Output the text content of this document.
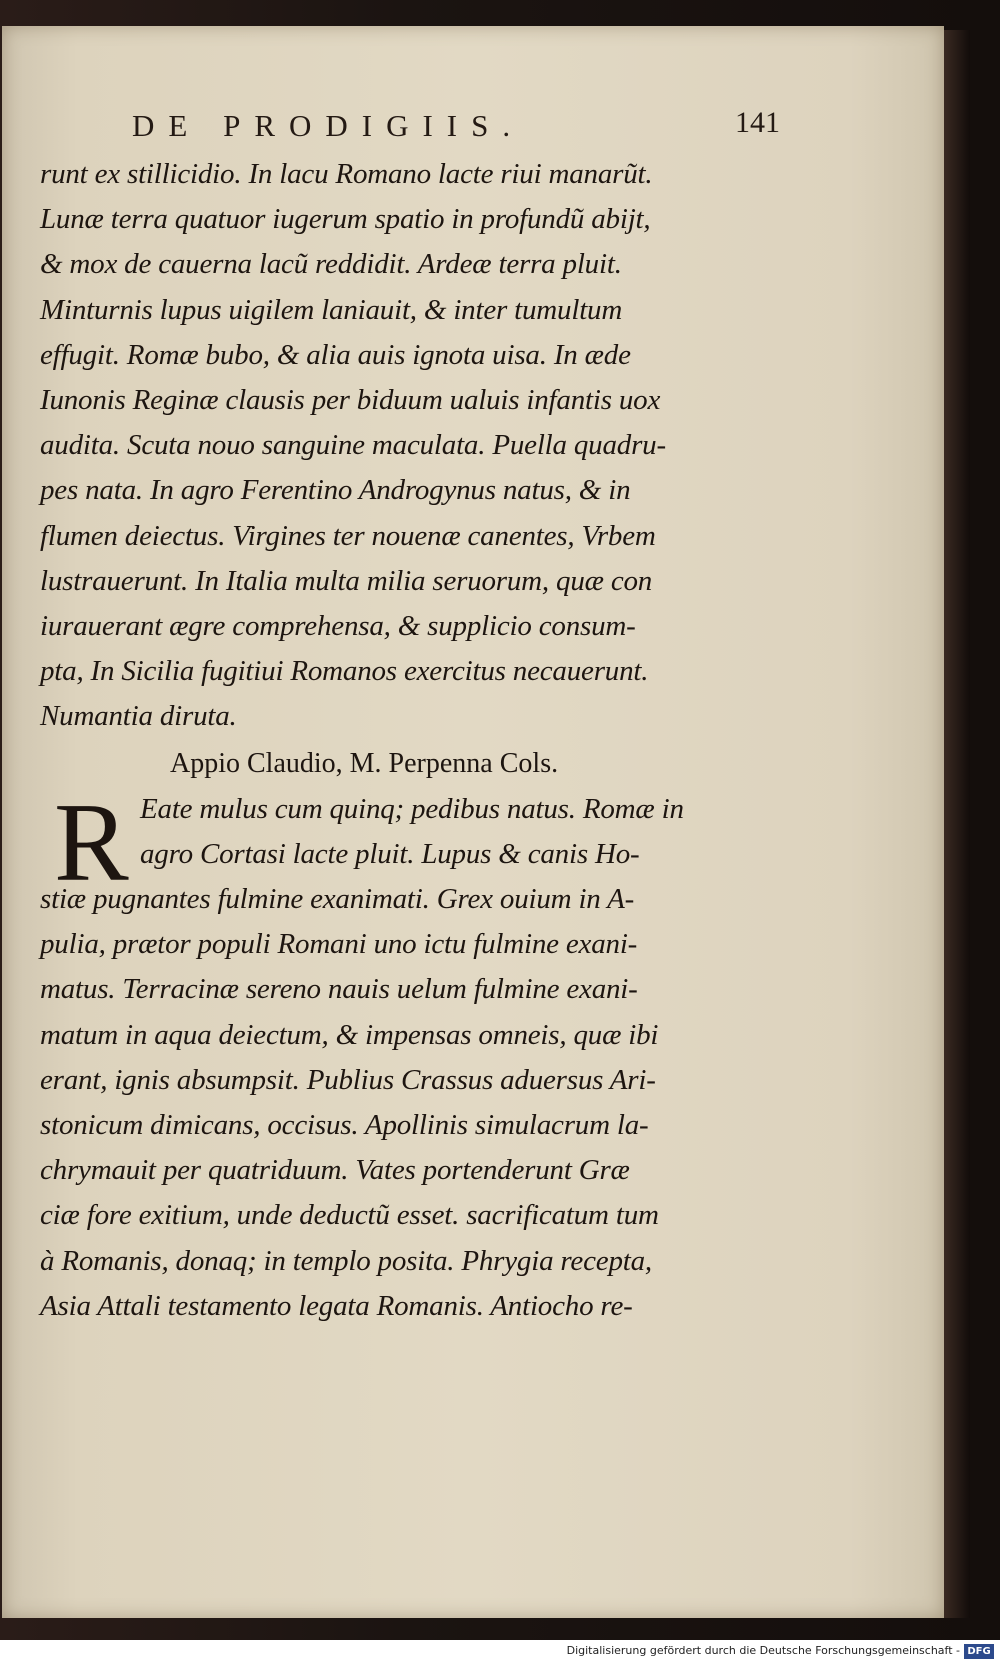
DE PRODIGIIS.	141
runt ex stillicidio. In lacu Romano lacte riui manarũt.
Lunæ terra quatuor iugerum spatio in profundũ abijt,
& mox de cauerna lacũ reddidit. Ardeæ terra pluit.
Minturnis lupus uigilem laniauit, & inter tumultum
effugit. Romæ bubo, & alia auis ignota uisa. In æde
Iunonis Reginæ clausis per biduum ualuis infantis uox
audita. Scuta nouo sanguine maculata. Puella quadru-
pes nata. In agro Ferentino Androgynus natus, & in
flumen deiectus. Virgines ter nouenæ canentes, Vrbem
lustrauerunt. In Italia multa milia seruorum, quæ con
iurauerant ægre comprehensa, & supplicio consum-
pta, In Sicilia fugitiui Romanos exercitus necauerunt.
Numantia diruta.
Appio Claudio, M. Perpenna Cols.
R Eate mulus cum quinq; pedibus natus. Romæ in
agro Cortasi lacte pluit. Lupus & canis Ho-
stiæ pugnantes fulmine exanimati. Grex ouium in A-
pulia, prætor populi Romani uno ictu fulmine exani-
matus. Terracinæ sereno nauis uelum fulmine exani-
matum in aqua deiectum, & impensas omneis, quæ ibi
erant, ignis absumpsit. Publius Crassus aduersus Ari-
stonicum dimicans, occisus. Apollinis simulacrum la-
chrymauit per quatriduum. Vates portenderunt Græ
ciæ fore exitium, unde deductũ esset. sacrificatum tum
à Romanis, donaq; in templo posita. Phrygia recepta,
Asia Attali testamento legata Romanis. Antiocho re-
Digitalisierung gefördert durch die Deutsche Forschungsgemeinschaft - DFG
